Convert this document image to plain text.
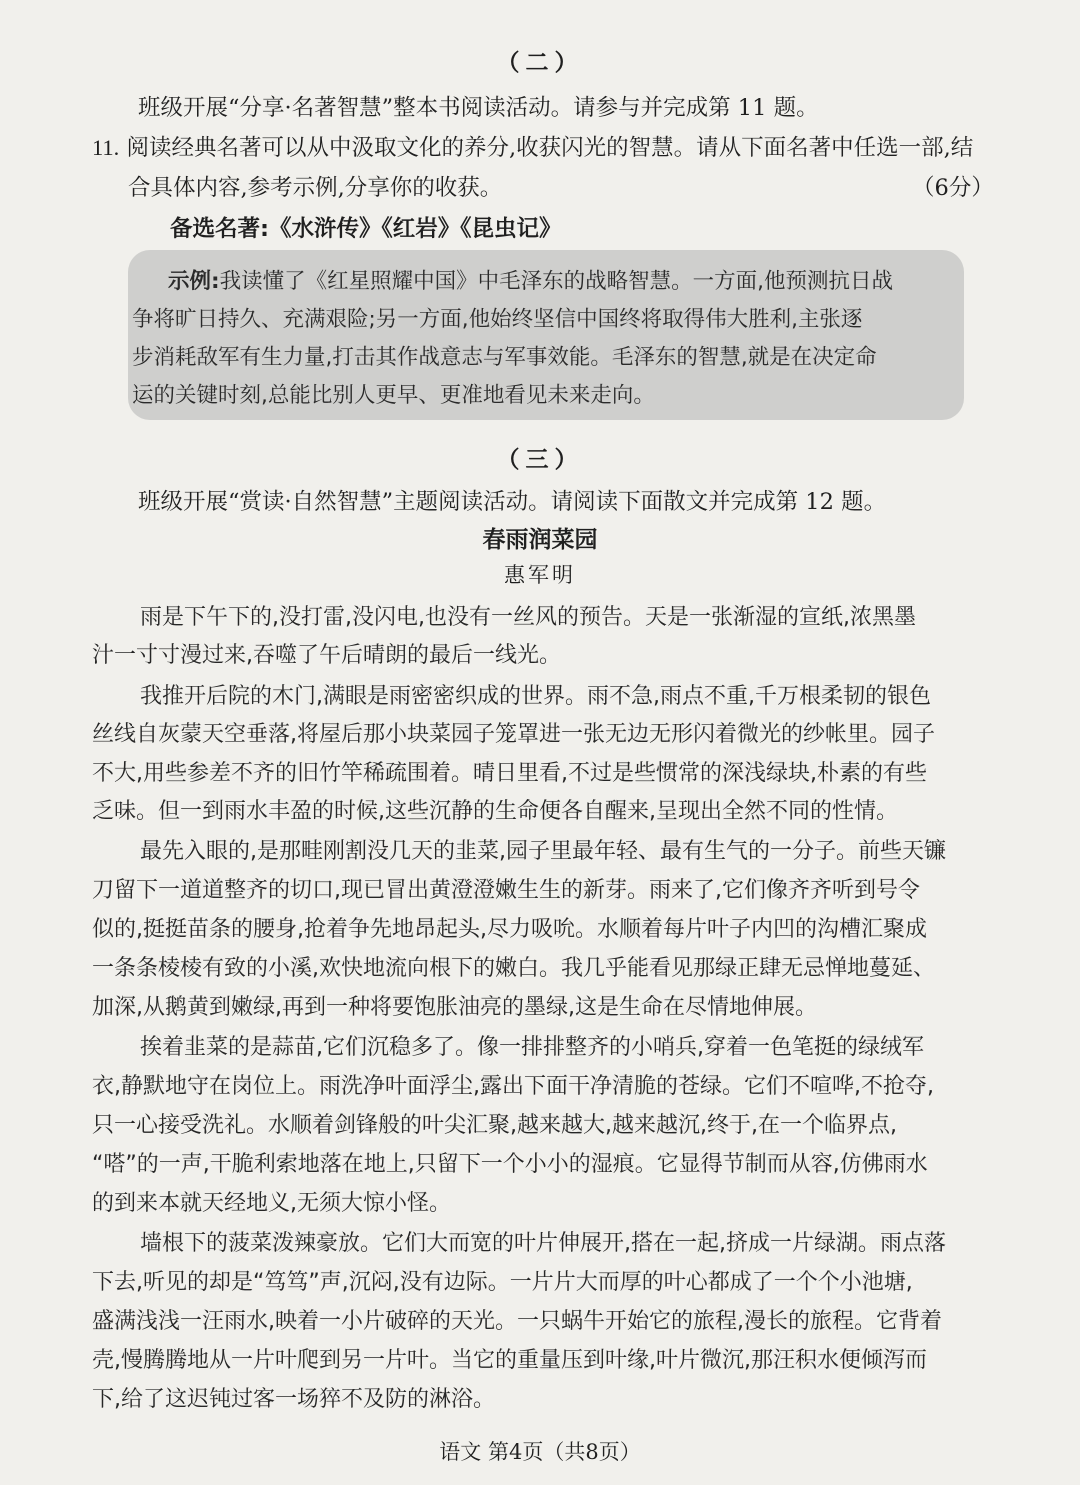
（二）
班级开展“分享·名著智慧”整本书阅读活动。请参与并完成第 11 题。
11. 阅读经典名著可以从中汲取文化的养分,收获闪光的智慧。请从下面名著中任选一部,结
合具体内容,参考示例,分享你的收获。	（6分）
备选名著:《水浒传》《红岩》《昆虫记》
示例:我读懂了《红星照耀中国》中毛泽东的战略智慧。一方面,他预测抗日战
争将旷日持久、充满艰险;另一方面,他始终坚信中国终将取得伟大胜利,主张逐
步消耗敌军有生力量,打击其作战意志与军事效能。毛泽东的智慧,就是在决定命
运的关键时刻,总能比别人更早、更准地看见未来走向。
（三）
班级开展“赏读·自然智慧”主题阅读活动。请阅读下面散文并完成第 12 题。
春雨润菜园
惠军明
雨是下午下的,没打雷,没闪电,也没有一丝风的预告。天是一张渐湿的宣纸,浓黑墨
汁一寸寸漫过来,吞噬了午后晴朗的最后一线光。
我推开后院的木门,满眼是雨密密织成的世界。雨不急,雨点不重,千万根柔韧的银色
丝线自灰蒙天空垂落,将屋后那小块菜园子笼罩进一张无边无形闪着微光的纱帐里。园子
不大,用些参差不齐的旧竹竿稀疏围着。晴日里看,不过是些惯常的深浅绿块,朴素的有些
乏味。但一到雨水丰盈的时候,这些沉静的生命便各自醒来,呈现出全然不同的性情。
最先入眼的,是那畦刚割没几天的韭菜,园子里最年轻、最有生气的一分子。前些天镰
刀留下一道道整齐的切口,现已冒出黄澄澄嫩生生的新芽。雨来了,它们像齐齐听到号令
似的,挺挺苗条的腰身,抢着争先地昂起头,尽力吸吮。水顺着每片叶子内凹的沟槽汇聚成
一条条棱棱有致的小溪,欢快地流向根下的嫩白。我几乎能看见那绿正肆无忌惮地蔓延、
加深,从鹅黄到嫩绿,再到一种将要饱胀油亮的墨绿,这是生命在尽情地伸展。
挨着韭菜的是蒜苗,它们沉稳多了。像一排排整齐的小哨兵,穿着一色笔挺的绿绒军
衣,静默地守在岗位上。雨洗净叶面浮尘,露出下面干净清脆的苍绿。它们不喧哗,不抢夺,
只一心接受洗礼。水顺着剑锋般的叶尖汇聚,越来越大,越来越沉,终于,在一个临界点,
“嗒”的一声,干脆利索地落在地上,只留下一个小小的湿痕。它显得节制而从容,仿佛雨水
的到来本就天经地义,无须大惊小怪。
墙根下的菠菜泼辣豪放。它们大而宽的叶片伸展开,搭在一起,挤成一片绿湖。雨点落
下去,听见的却是“笃笃”声,沉闷,没有边际。一片片大而厚的叶心都成了一个个小池塘,
盛满浅浅一汪雨水,映着一小片破碎的天光。一只蜗牛开始它的旅程,漫长的旅程。它背着
壳,慢腾腾地从一片叶爬到另一片叶。当它的重量压到叶缘,叶片微沉,那汪积水便倾泻而
下,给了这迟钝过客一场猝不及防的淋浴。
语文 第4页（共8页）
